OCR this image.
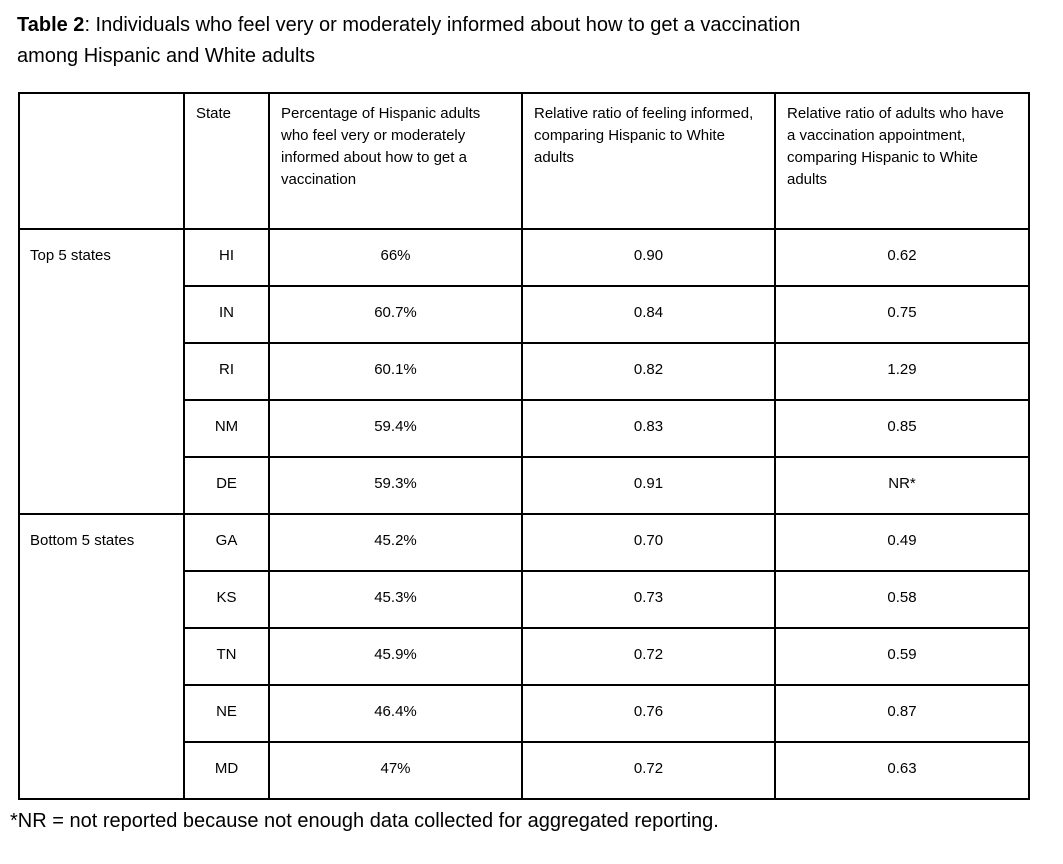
Table 2: Individuals who feel very or moderately informed about how to get a vaccination
among Hispanic and White adults
	State	Percentage of Hispanic adults who feel very or moderately informed about how to get a vaccination	Relative ratio of feeling informed, comparing Hispanic to White adults	Relative ratio of adults who have a vaccination appointment, comparing Hispanic to White adults
Top 5 states	HI	66%	0.90	0.62
	IN	60.7%	0.84	0.75
	RI	60.1%	0.82	1.29
	NM	59.4%	0.83	0.85
	DE	59.3%	0.91	NR*
Bottom 5 states	GA	45.2%	0.70	0.49
	KS	45.3%	0.73	0.58
	TN	45.9%	0.72	0.59
	NE	46.4%	0.76	0.87
	MD	47%	0.72	0.63
*NR = not reported because not enough data collected for aggregated reporting.
